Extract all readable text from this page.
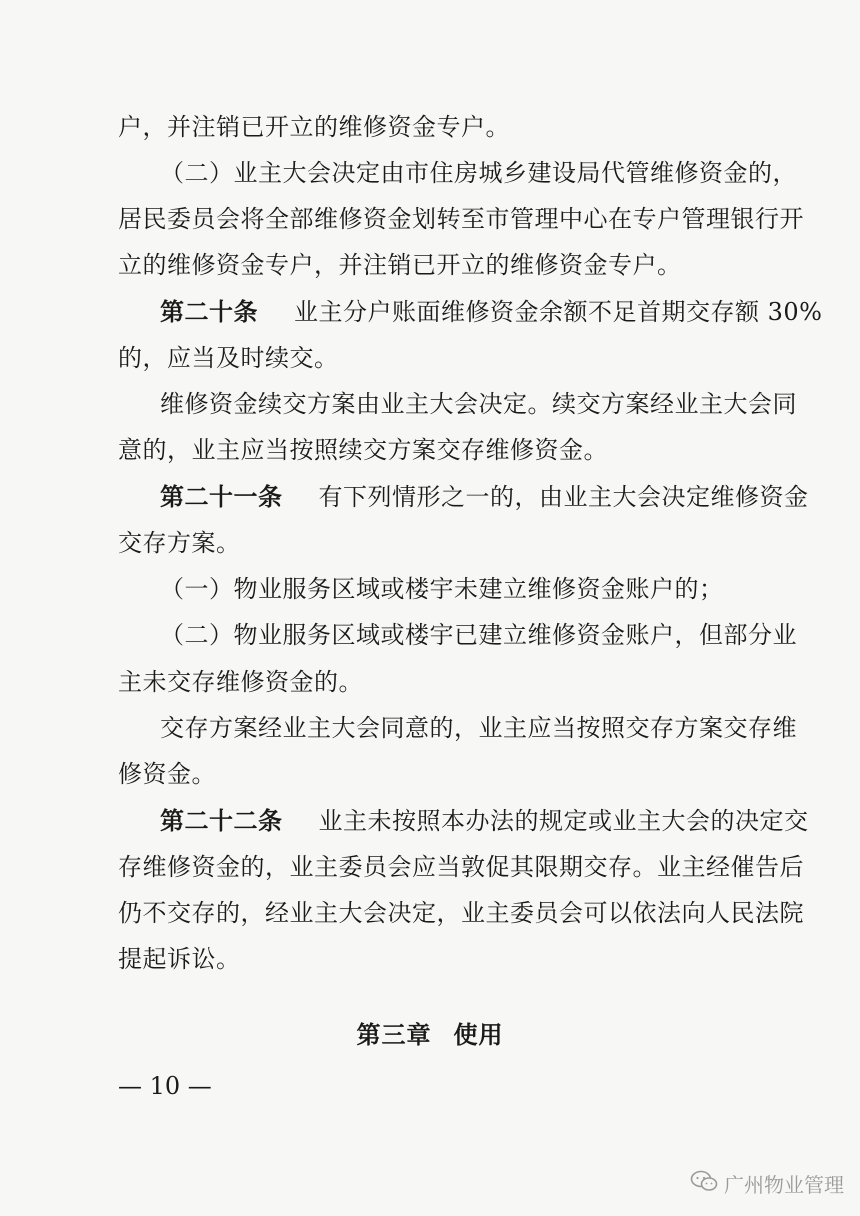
户，并注销已开立的维修资金专户。
（二）业主大会决定由市住房城乡建设局代管维修资金的，
居民委员会将全部维修资金划转至市管理中心在专户管理银行开
立的维修资金专户，并注销已开立的维修资金专户。
第二十条 业主分户账面维修资金余额不足首期交存额 30%
的，应当及时续交。
维修资金续交方案由业主大会决定。续交方案经业主大会同
意的，业主应当按照续交方案交存维修资金。
第二十一条 有下列情形之一的，由业主大会决定维修资金
交存方案。
（一）物业服务区域或楼宇未建立维修资金账户的；
（二）物业服务区域或楼宇已建立维修资金账户，但部分业
主未交存维修资金的。
交存方案经业主大会同意的，业主应当按照交存方案交存维
修资金。
第二十二条 业主未按照本办法的规定或业主大会的决定交
存维修资金的，业主委员会应当敦促其限期交存。业主经催告后
仍不交存的，经业主大会决定，业主委员会可以依法向人民法院
提起诉讼。
第三章 使用
— 10 —
广州物业管理
